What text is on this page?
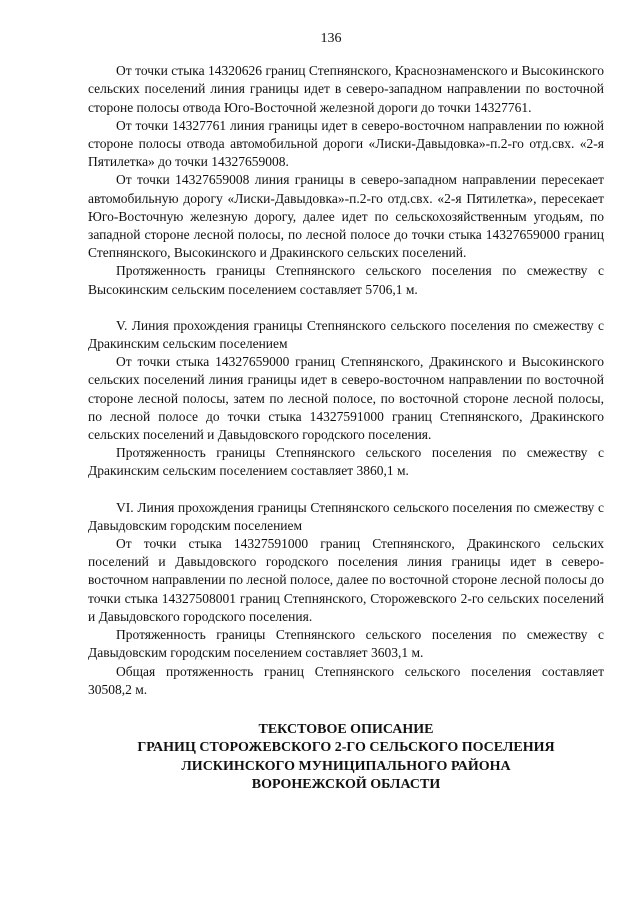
136

От точки стыка 14320626 границ Степнянского, Краснознаменского и Высокинского сельских поселений линия границы идет в северо-западном направлении по восточной стороне полосы отвода Юго-Восточной железной дороги до точки 14327761.

От точки 14327761 линия границы идет в северо-восточном направлении по южной стороне полосы отвода автомобильной дороги «Лиски-Давыдовка»-п.2-го отд.свх. «2-я Пятилетка» до точки 14327659008.

От точки 14327659008 линия границы в северо-западном направлении пересекает автомобильную дорогу «Лиски-Давыдовка»-п.2-го отд.свх. «2-я Пятилетка», пересекает Юго-Восточную железную дорогу, далее идет по сельскохозяйственным угодьям, по западной стороне лесной полосы, по лесной полосе до точки стыка 14327659000 границ Степнянского, Высокинского и Дракинского сельских поселений.

Протяженность границы Степнянского сельского поселения по смежеству с Высокинским сельским поселением составляет 5706,1 м.

V. Линия прохождения границы Степнянского сельского поселения по смежеству с Дракинским сельским поселением

От точки стыка 14327659000 границ Степнянского, Дракинского и Высокинского сельских поселений линия границы идет в северо-восточном направлении по восточной стороне лесной полосы, затем по лесной полосе, по восточной стороне лесной полосы, по лесной полосе до точки стыка 14327591000 границ Степнянского, Дракинского сельских поселений и Давыдовского городского поселения.

Протяженность границы Степнянского сельского поселения по смежеству с Дракинским сельским поселением составляет 3860,1 м.

VI. Линия прохождения границы Степнянского сельского поселения по смежеству с Давыдовским городским поселением

От точки стыка 14327591000 границ Степнянского, Дракинского сельских поселений и Давыдовского городского поселения линия границы идет в северо-восточном направлении по лесной полосе, далее по восточной стороне лесной полосы до точки стыка 14327508001 границ Степнянского, Сторожевского 2-го сельских поселений и Давыдовского городского поселения.

Протяженность границы Степнянского сельского поселения по смежеству с Давыдовским городским поселением составляет 3603,1 м.

Общая протяженность границ Степнянского сельского поселения составляет 30508,2 м.

ТЕКСТОВОЕ ОПИСАНИЕ
ГРАНИЦ СТОРОЖЕВСКОГО 2-ГО СЕЛЬСКОГО ПОСЕЛЕНИЯ
ЛИСКИНСКОГО МУНИЦИПАЛЬНОГО РАЙОНА
ВОРОНЕЖСКОЙ ОБЛАСТИ
